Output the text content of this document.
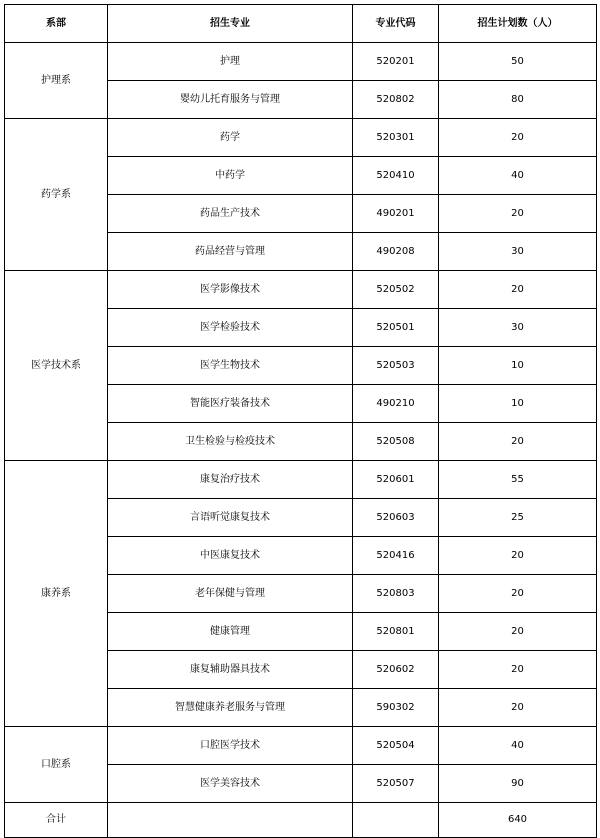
系部	招生专业	专业代码	招生计划数（人）
护理系	护理	520201	50
	婴幼儿托育服务与管理	520802	80
药学系	药学	520301	20
	中药学	520410	40
	药品生产技术	490201	20
	药品经营与管理	490208	30
医学技术系	医学影像技术	520502	20
	医学检验技术	520501	30
	医学生物技术	520503	10
	智能医疗装备技术	490210	10
	卫生检验与检疫技术	520508	20
康养系	康复治疗技术	520601	55
	言语听觉康复技术	520603	25
	中医康复技术	520416	20
	老年保健与管理	520803	20
	健康管理	520801	20
	康复辅助器具技术	520602	20
	智慧健康养老服务与管理	590302	20
口腔系	口腔医学技术	520504	40
	医学美容技术	520507	90
合计			640
